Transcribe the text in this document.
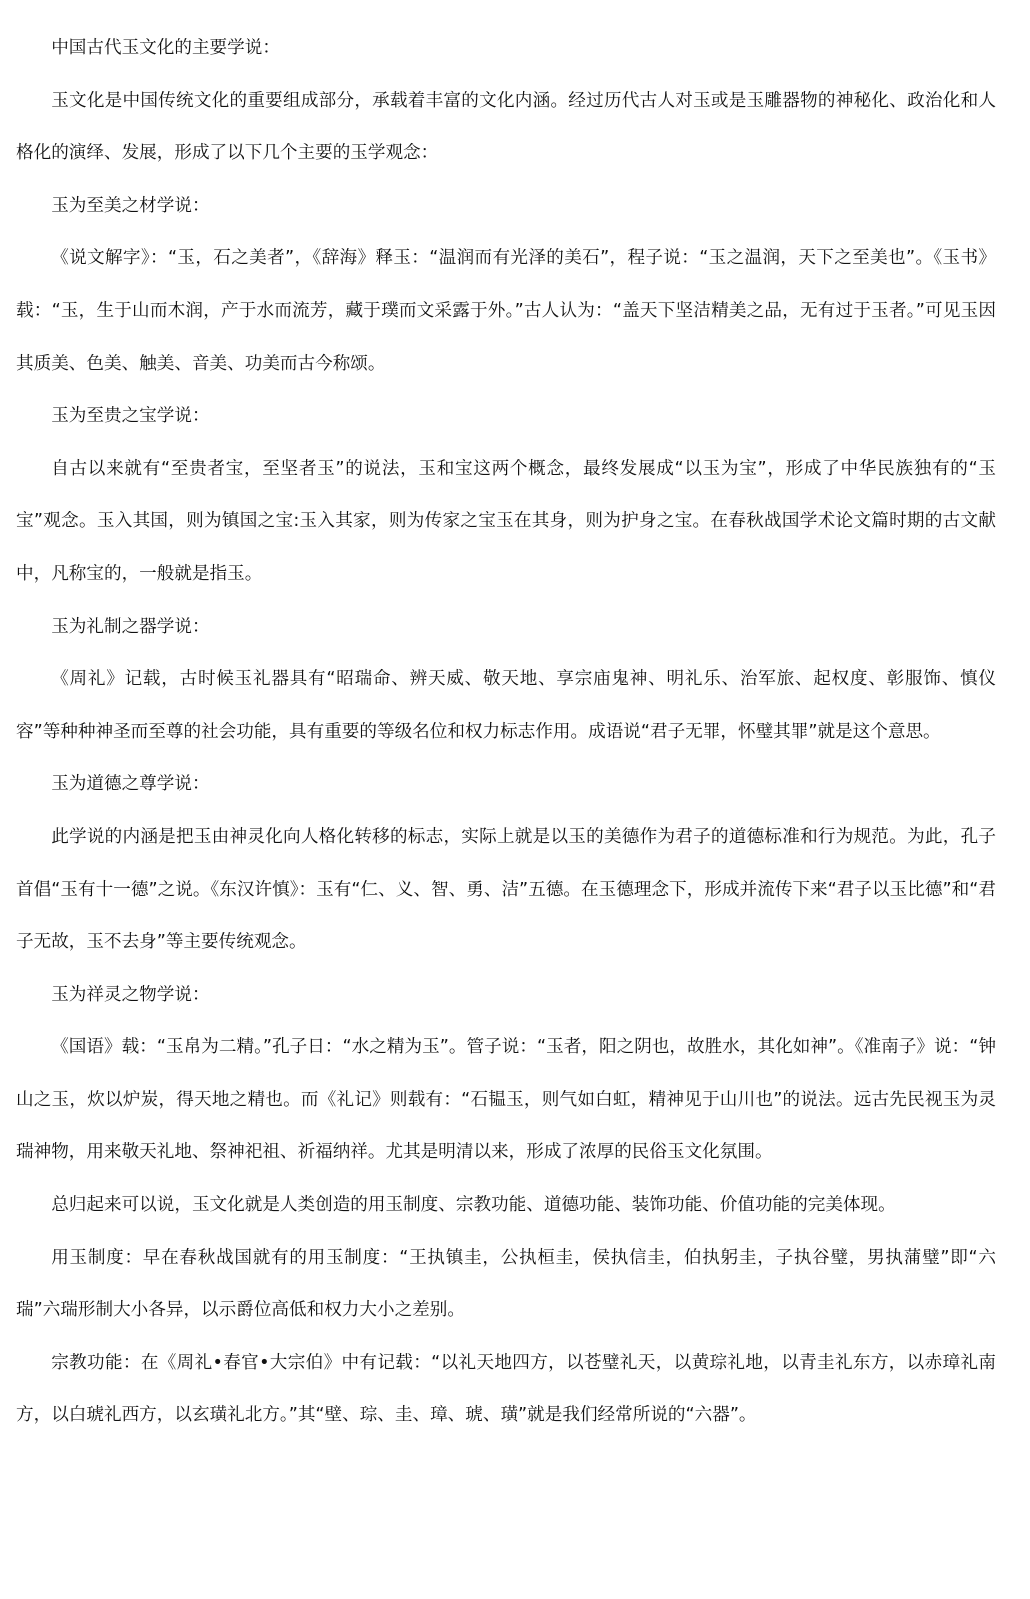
中国古代玉文化的主要学说：

玉文化是中国传统文化的重要组成部分，承载着丰富的文化内涵。经过历代古人对玉或是玉雕器物的神秘化、政治化和人格化的演绎、发展，形成了以下几个主要的玉学观念：

玉为至美之材学说：

《说文解字》：“玉，石之美者”，《辞海》释玉：“温润而有光泽的美石”，程子说：“玉之温润，天下之至美也”。《玉书》载：“玉，生于山而木润，产于水而流芳，藏于璞而文采露于外。”古人认为：“盖天下坚洁精美之品，无有过于玉者。”可见玉因其质美、色美、触美、音美、功美而古今称颂。

玉为至贵之宝学说：

自古以来就有“至贵者宝，至坚者玉”的说法，玉和宝这两个概念，最终发展成“以玉为宝”，形成了中华民族独有的“玉宝”观念。玉入其国，则为镇国之宝:玉入其家，则为传家之宝玉在其身，则为护身之宝。在春秋战国学术论文篇时期的古文献中，凡称宝的，一般就是指玉。

玉为礼制之器学说：

《周礼》记载，古时候玉礼器具有“昭瑞命、辨天威、敬天地、享宗庙鬼神、明礼乐、治军旅、起权度、彰服饰、慎仪容”等种种神圣而至尊的社会功能，具有重要的等级名位和权力标志作用。成语说“君子无罪，怀璧其罪”就是这个意思。

玉为道德之尊学说：

此学说的内涵是把玉由神灵化向人格化转移的标志，实际上就是以玉的美德作为君子的道德标准和行为规范。为此，孔子首倡“玉有十一德”之说。《东汉许慎》：玉有“仁、义、智、勇、洁”五德。在玉德理念下，形成并流传下来“君子以玉比德”和“君子无故，玉不去身”等主要传统观念。

玉为祥灵之物学说：

《国语》载：“玉帛为二精。”孔子日：“水之精为玉”。管子说：“玉者，阳之阴也，故胜水，其化如神”。《准南子》说：“钟山之玉，炊以炉炭，得天地之精也。而《礼记》则载有：“石韫玉，则气如白虹，精神见于山川也”的说法。远古先民视玉为灵瑞神物，用来敬天礼地、祭神祀祖、祈福纳祥。尤其是明清以来，形成了浓厚的民俗玉文化氛围。

总归起来可以说，玉文化就是人类创造的用玉制度、宗教功能、道德功能、装饰功能、价值功能的完美体现。

用玉制度：早在春秋战国就有的用玉制度：“王执镇圭，公执桓圭，侯执信圭，伯执躬圭，子执谷璧，男执蒲璧”即“六瑞”六瑞形制大小各异，以示爵位高低和权力大小之差别。

宗教功能：在《周礼•春官•大宗伯》中有记载：“以礼天地四方，以苍璧礼天，以黄琮礼地，以青圭礼东方，以赤璋礼南方，以白琥礼西方，以玄璜礼北方。”其“壁、琮、圭、璋、琥、璜”就是我们经常所说的“六器”。
